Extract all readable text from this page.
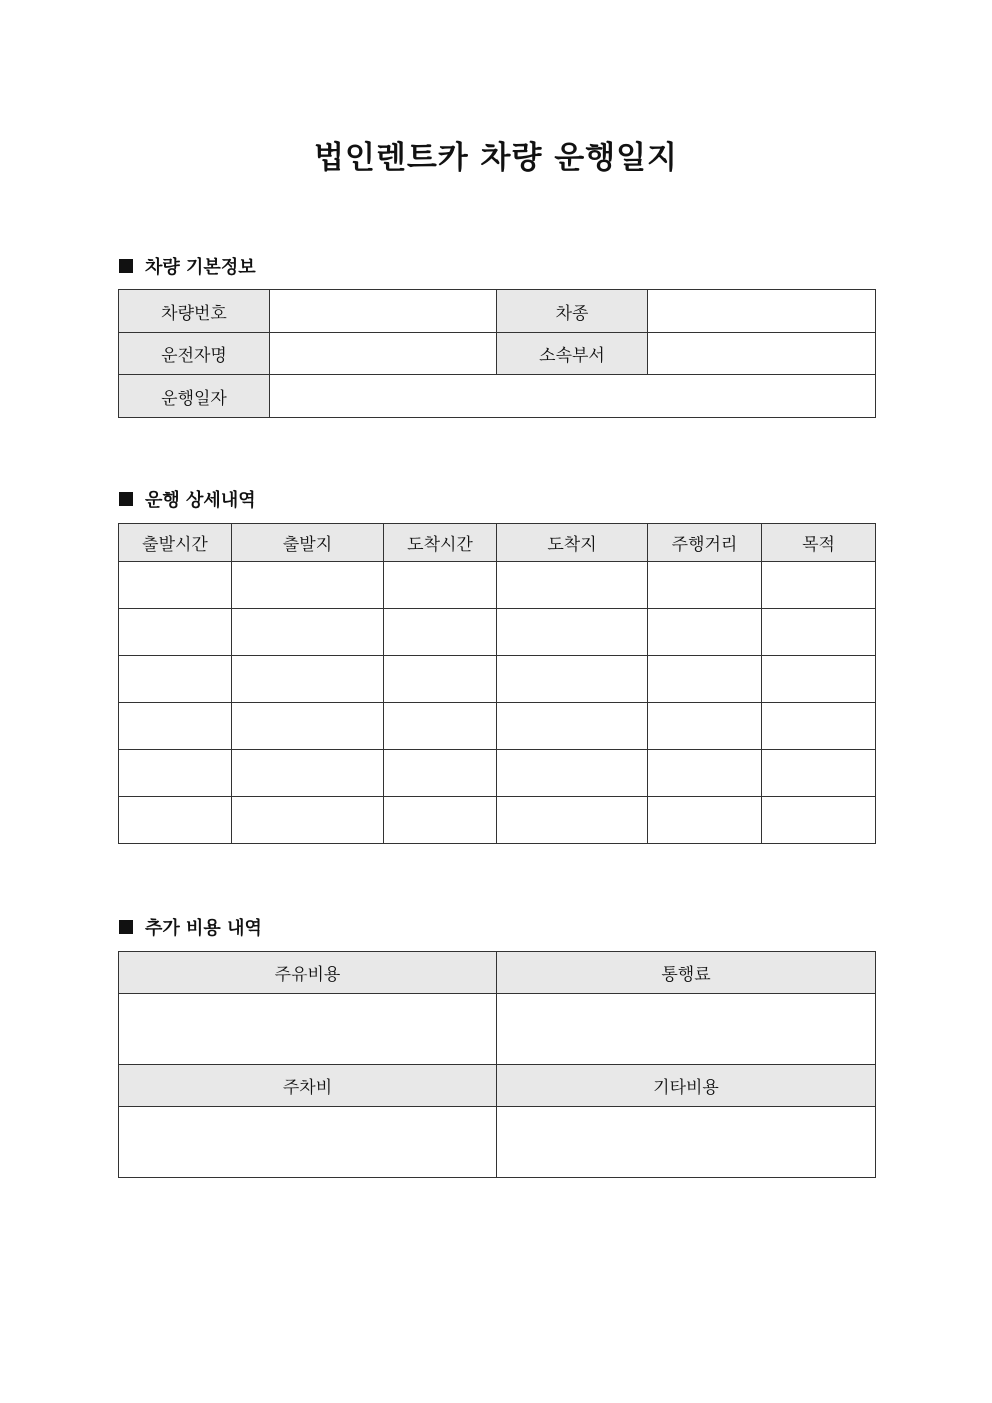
법인렌트카 차량 운행일지
차량 기본정보
차량번호		차종	
운전자명		소속부서	
운행일자			
운행 상세내역
출발시간	출발지	도착시간	도착지	주행거리	목적

추가 비용 내역
주유비용	통행료

주차비	기타비용
